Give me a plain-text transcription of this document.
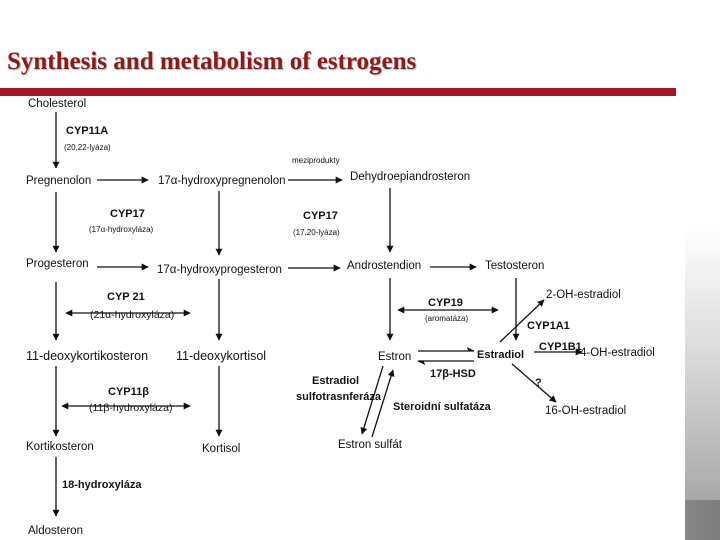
Synthesis and metabolism of estrogens
Cholesterol
Pregnenolon	17α-hydroxypregnenolon	Dehydroepiandrosteron
Progesteron	17α-hydroxyprogesteron	Androstendion	Testosteron
2-OH-estradiol
4-OH-estradiol
16-OH-estradiol
Estron
Estron sulfát
Kortisol
Kortikosteron
Aldosteron
11-deoxykortikosteron 11-deoxykortisol	Estradiol
CYP11A
CYP17	CYP17
CYP 21	CYP19
CYP1A1
CYP1B1
?
17β-HSD
CYP11β
Estradiol
sulfotrasnferáza
Steroidní sulfatáza
18-hydroxyláza
(20,22-lyáza)
meziprodukty
(17α-hydroxyláza)	(17,20-lyáza)
(aromatáza)
(21α-hydroxyláza)
(11β-hydroxyláza)
